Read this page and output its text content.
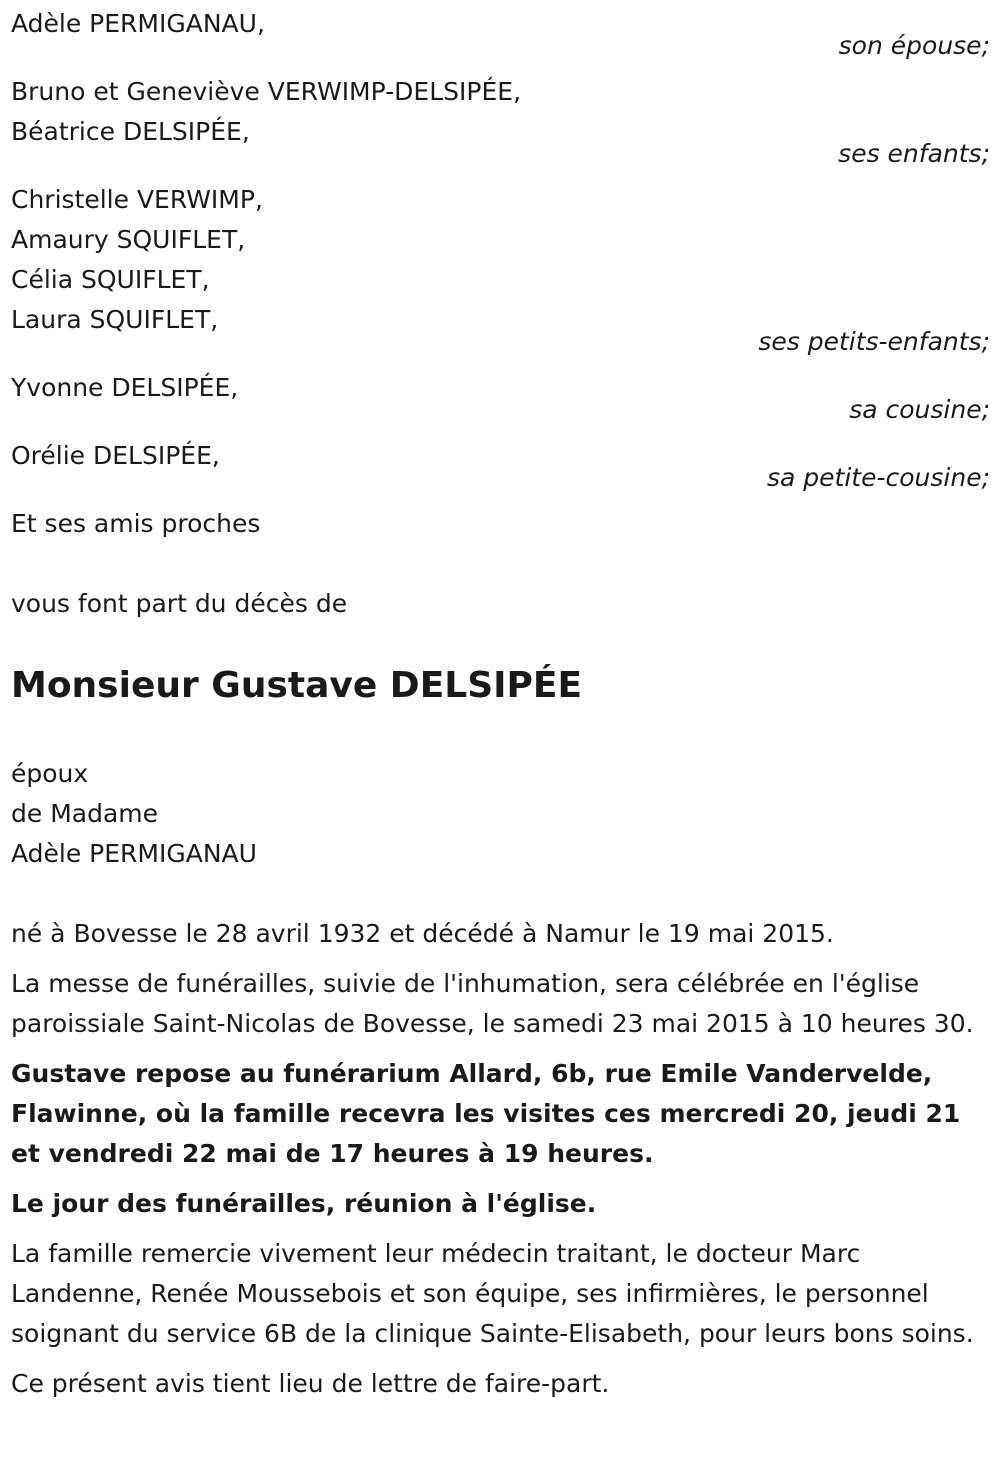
Adèle PERMIGANAU,

son épouse;

Bruno et Geneviève VERWIMP-DELSIPÉE,

Béatrice DELSIPÉE,

ses enfants;

Christelle VERWIMP,

Amaury SQUIFLET,

Célia SQUIFLET,

Laura SQUIFLET,

ses petits-enfants;

Yvonne DELSIPÉE,

sa cousine;

Orélie DELSIPÉE,

sa petite-cousine;

Et ses amis proches

vous font part du décès de

Monsieur Gustave DELSIPÉE

époux

de Madame

Adèle PERMIGANAU

né à Bovesse le 28 avril 1932 et décédé à Namur le 19 mai 2015.

La messe de funérailles, suivie de l'inhumation, sera célébrée en l'église paroissiale Saint-Nicolas de Bovesse, le samedi 23 mai 2015 à 10 heures 30.

Gustave repose au funérarium Allard, 6b, rue Emile Vandervelde, Flawinne, où la famille recevra les visites ces mercredi 20, jeudi 21 et vendredi 22 mai de 17 heures à 19 heures.

Le jour des funérailles, réunion à l'église.

La famille remercie vivement leur médecin traitant, le docteur Marc Landenne, Renée Moussebois et son équipe, ses infirmières, le personnel soignant du service 6B de la clinique Sainte-Elisabeth, pour leurs bons soins.

Ce présent avis tient lieu de lettre de faire-part.
